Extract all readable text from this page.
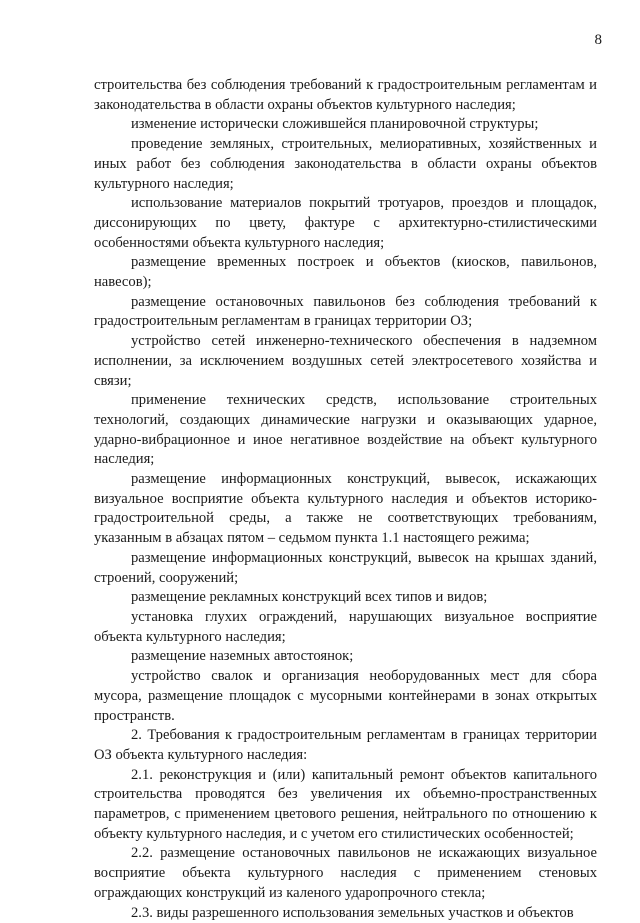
8

строительства без соблюдения требований к градостроительным регламентам и законодательства в области охраны объектов культурного наследия;

изменение исторически сложившейся планировочной структуры;

проведение земляных, строительных, мелиоративных, хозяйственных и иных работ без соблюдения законодательства в области охраны объектов культурного наследия;

использование материалов покрытий тротуаров, проездов и площадок, диссонирующих по цвету, фактуре с архитектурно-стилистическими особенностями объекта культурного наследия;

размещение временных построек и объектов (киосков, павильонов, навесов);

размещение остановочных павильонов без соблюдения требований к градостроительным регламентам в границах территории ОЗ;

устройство сетей инженерно-технического обеспечения в надземном исполнении, за исключением воздушных сетей электросетевого хозяйства и связи;

применение технических средств, использование строительных технологий, создающих динамические нагрузки и оказывающих ударное, ударно-вибрационное и иное негативное воздействие на объект культурного наследия;

размещение информационных конструкций, вывесок, искажающих визуальное восприятие объекта культурного наследия и объектов историко-градостроительной среды, а также не соответствующих требованиям, указанным в абзацах пятом – седьмом пункта 1.1 настоящего режима;

размещение информационных конструкций, вывесок на крышах зданий, строений, сооружений;

размещение рекламных конструкций всех типов и видов;

установка глухих ограждений, нарушающих визуальное восприятие объекта культурного наследия;

размещение наземных автостоянок;

устройство свалок и организация необорудованных мест для сбора мусора, размещение площадок с мусорными контейнерами в зонах открытых пространств.

2. Требования к градостроительным регламентам в границах территории ОЗ объекта культурного наследия:

2.1. реконструкция и (или) капитальный ремонт объектов капитального строительства проводятся без увеличения их объемно-пространственных параметров, с применением цветового решения, нейтрального по отношению к объекту культурного наследия, и с учетом его стилистических особенностей;

2.2. размещение остановочных павильонов не искажающих визуальное восприятие объекта культурного наследия с применением стеновых ограждающих конструкций из каленого ударопрочного стекла;

2.3. виды разрешенного использования земельных участков и объектов
